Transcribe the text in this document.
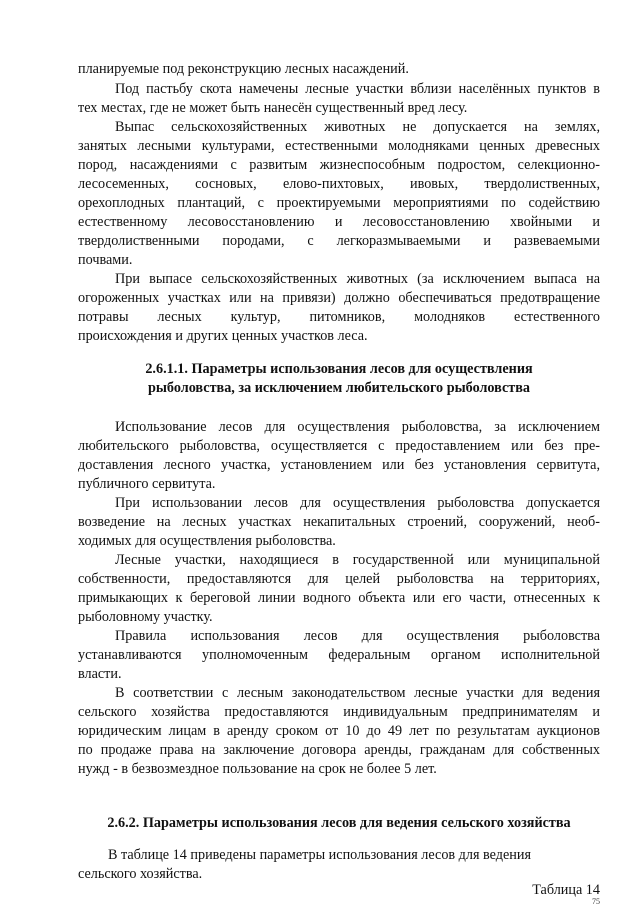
планируемые под реконструкцию лесных насаждений.
Под пастьбу скота намечены лесные участки вблизи населённых пунктов в
тех местах, где не может быть нанесён существенный вред лесу.
Выпас сельскохозяйственных животных не допускается на землях,
занятых лесными культурами, естественными молодняками ценных древесных
пород, насаждениями с развитым жизнеспособным подростом, селекционно-
лесосеменных, сосновых, елово-пихтовых, ивовых, твердолиственных,
орехоплодных плантаций, с проектируемыми мероприятиями по содействию
естественному лесовосстановлению и лесовосстановлению хвойными и
твердолиственными породами, с легкоразмываемыми и развеваемыми
почвами.
При выпасе сельскохозяйственных животных (за исключением выпаса на
огороженных участках или на привязи) должно обеспечиваться предотвращение
потравы лесных культур, питомников, молодняков естественного
происхождения и других ценных участков леса.
2.6.1.1. Параметры использования лесов для осуществления
рыболовства, за исключением любительского рыболовства
Использование лесов для осуществления рыболовства, за исключением
любительского рыболовства, осуществляется с предоставлением или без пре-
доставления лесного участка, установлением или без установления сервитута,
публичного сервитута.
При использовании лесов для осуществления рыболовства допускается
возведение на лесных участках некапитальных строений, сооружений, необ-
ходимых для осуществления рыболовства.
Лесные участки, находящиеся в государственной или муниципальной
собственности, предоставляются для целей рыболовства на территориях,
примыкающих к береговой линии водного объекта или его части, отнесенных к
рыболовному участку.
Правила использования лесов для осуществления рыболовства
устанавливаются уполномоченным федеральным органом исполнительной
власти.
В соответствии с лесным законодательством лесные участки для ведения
сельского хозяйства предоставляются индивидуальным предпринимателям и
юридическим лицам в аренду сроком от 10 до 49 лет по результатам аукционов
по продаже права на заключение договора аренды, гражданам для собственных
нужд - в безвозмездное пользование на срок не более 5 лет.
2.6.2. Параметры использования лесов для ведения сельского хозяйства
В таблице 14 приведены параметры использования лесов для ведения
сельского хозяйства.
Таблица 14
75
